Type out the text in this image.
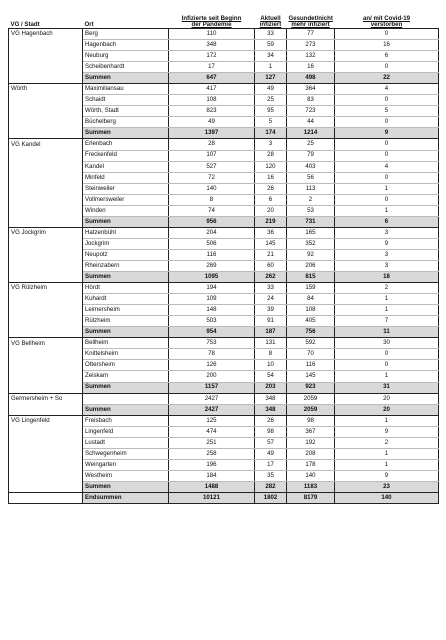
VG / Stadt	Ort	Infizierte seit Beginn
der Pandemie	Aktuell
infiziert	Gesundet/nicht
mehr infiziert	an/ mit Covid-19
verstorben
VG Hagenbach	Berg	110	33	77	0
	Hagenbach	348	59	273	16
	Neuburg	172	34	132	6
	Scheibenhardt	17	1	16	0
	Summen	647	127	498	22
Wörth	Maximiliansau	417	49	364	4
	Schaidt	108	25	83	0
	Wörth, Stadt	823	95	723	5
	Büchelberg	49	5	44	0
	Summen	1397	174	1214	9
VG Kandel	Erlenbach	28	3	25	0
	Freckenfeld	107	28	79	0
	Kandel	527	120	403	4
	Minfeld	72	16	56	0
	Steinweiler	140	26	113	1
	Vollmersweiler	8	6	2	0
	Winden	74	20	53	1
	Summen	956	219	731	6
VG Jockgrim	Hatzenbühl	204	36	165	3
	Jockgrim	506	145	352	9
	Neupotz	116	21	92	3
	Rheinzabern	269	60	206	3
	Summen	1095	262	815	18
VG Rülzheim	Hördt	194	33	159	2
	Kuhardt	109	24	84	1
	Leimersheim	148	39	108	1
	Rülzheim	503	91	405	7
	Summen	954	187	756	11
VG Bellheim	Bellheim	753	131	592	30
	Knittelsheim	78	8	70	0
	Ottersheim	126	10	116	0
	Zeiskam	200	54	145	1
	Summen	1157	203	923	31
Germersheim + So		2427	348	2059	20
	Summen	2427	348	2059	20
VG Lingenfeld	Freisbach	125	26	98	1
	Lingenfeld	474	98	367	9
	Lustadt	251	57	192	2
	Schwegenheim	258	49	208	1
	Weingarten	196	17	178	1
	Westheim	184	35	140	9
	Summen	1488	282	1183	23
	Endsummen	10121	1802	8179	140
